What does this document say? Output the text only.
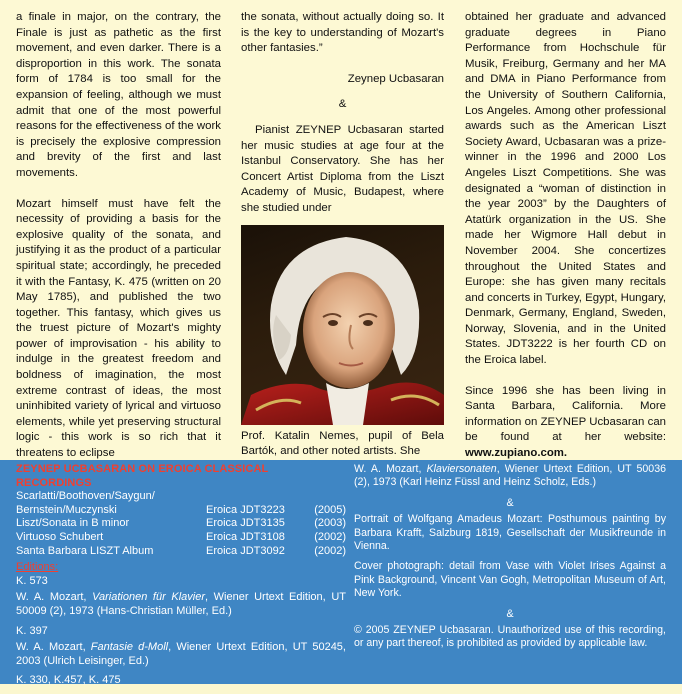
a finale in major, on the contrary, the Finale is just as pathetic as the first movement, and even darker. There is a disproportion in this work. The sonata form of 1784 is too small for the expansion of feeling, although we must admit that one of the most powerful reasons for the effectiveness of the work is precisely the explosive compression and brevity of the first and last movements.

Mozart himself must have felt the necessity of providing a basis for the explosive quality of the sonata, and justifying it as the product of a particular spiritual state; accordingly, he preceded it with the Fantasy, K. 475 (written on 20 May 1785), and published the two together. This fantasy, which gives us the truest picture of Mozart's mighty power of improvisation - his ability to indulge in the greatest freedom and boldness of imagination, the most extreme contrast of ideas, the most uninhibited variety of lyrical and virtuoso elements, while yet preserving structural logic - this work is so rich that it threatens to eclipse

the sonata, without actually doing so. It is the key to understanding of Mozart's other fantasies.”

Zeynep Ucbasaran

&

Pianist ZEYNEP Ucbasaran started her music studies at age four at the Istanbul Conservatory. She has her Concert Artist Diploma from the Liszt Academy of Music, Budapest, where she studied under

Prof. Katalin Nemes, pupil of Bela Bartók, and other noted artists. She

obtained her graduate and advanced graduate degrees in Piano Performance from Hochschule für Musik, Freiburg, Germany and her MA and DMA in Piano Performance from the University of Southern California, Los Angeles. Among other professional awards such as the American Liszt Society Award, Ucbasaran was a prize-winner in the 1996 and 2000 Los Angeles Liszt Competitions. She was designated a “woman of distinction in the year 2003” by the Daughters of Atatürk organization in the US. She made her Wigmore Hall debut in November 2004. She concertizes throughout the United States and Europe: she has given many recitals and concerts in Turkey, Egypt, Hungary, Denmark, Germany, England, Sweden, Norway, Slovenia, and in the United States. JDT3222 is her fourth CD on the Eroica label.

Since 1996 she has been living in Santa Barbara, California. More information on ZEYNEP Ucbasaran can be found at her website: www.zupiano.com.

ZEYNEP UCBASARAN ON EROICA CLASSICAL RECORDINGS
Scarlatti/Boothoven/Saygun/
Bernstein/Muczynski	Eroica JDT3223	(2005)
Liszt/Sonata in B minor	Eroica JDT3135	(2003)
Virtuoso Schubert	Eroica JDT3108	(2002)
Santa Barbara LISZT Album	Eroica JDT3092	(2002)
Editions:

K. 573

W. A. Mozart, Variationen für Klavier, Wiener Urtext Edition, UT 50009 (2), 1973 (Hans-Christian Müller, Ed.)

K. 397

W. A. Mozart, Fantasie d-Moll, Wiener Urtext Edition, UT 50245, 2003 (Ulrich Leisinger, Ed.)

K. 330, K.457, K. 475

W. A. Mozart, Klaviersonaten, Wiener Urtext Edition, UT 50036 (2), 1973 (Karl Heinz Füssl and Heinz Scholz, Eds.)

&

Portrait of Wolfgang Amadeus Mozart: Posthumous painting by Barbara Krafft, Salzburg 1819, Gesellschaft der Musikfreunde in Vienna.

Cover photograph: detail from Vase with Violet Irises Against a Pink Background, Vincent Van Gogh, Metropolitan Museum of Art, New York.

&

© 2005 ZEYNEP Ucbasaran. Unauthorized use of this recording, or any part thereof, is prohibited as provided by applicable law.
